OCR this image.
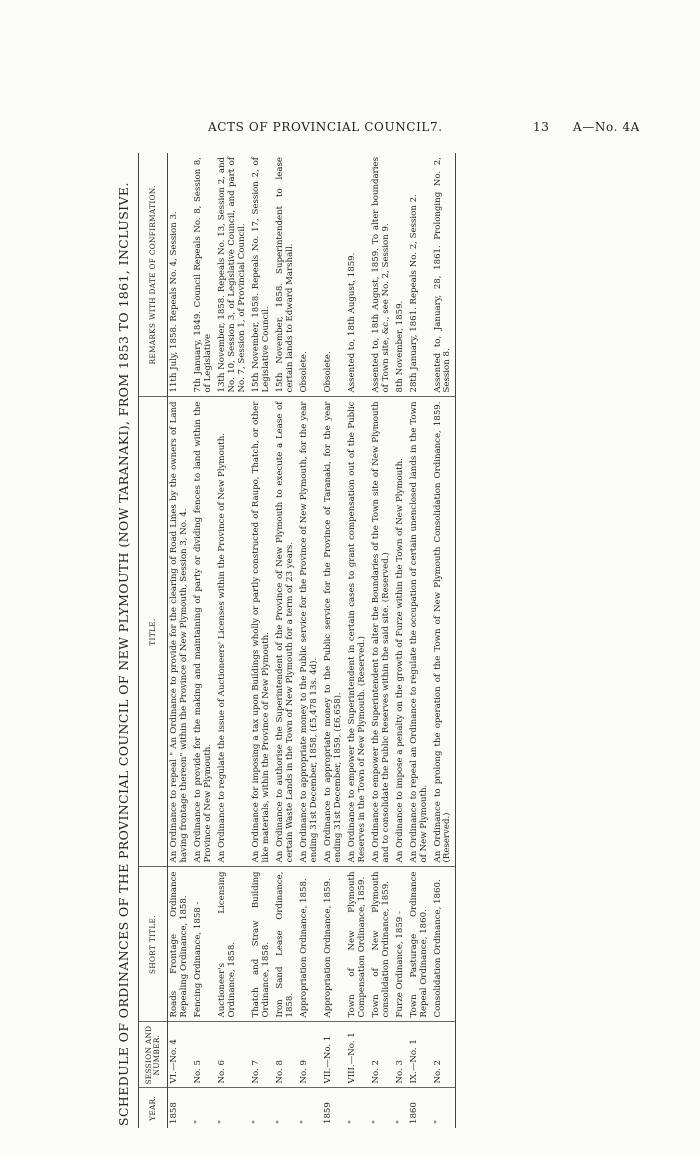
ACTS OF PROVINCIAL COUNCIL7.	13 A—No. 4A
SCHEDULE OF ORDINANCES OF THE PROVINCIAL COUNCIL OF NEW PLYMOUTH (NOW TARANAKI), FROM 1853 TO 1861, INCLUSIVE. YEAR.	SESSION AND NUMBER.	SHORT TITLE.	TITLE.	REMARKS WITH DATE OF CONFIRMATION.
1858	VI.—No. 4	Roads Frontage Ordinance Repealing Ordinance, 1858.	An Ordinance to repeal " An Ordinance to provide for the clearing of Road Lines by the owners of Land having frontage thereon" within the Province of New Plymouth, Session 3, No. 4.	11th July, 1858. Repeals No. 4, Session 3.
"	No. 5	Fencing Ordinance, 1858 -	An Ordinance to provide for the making and maintaining of party or dividing fences to land within the Province of New Plymouth.	7th January, 1849. Council Repeals No. 8, Session 8, of Legislative
"	No. 6	Auctioneer's Licensing Ordinance, 1858.	An Ordinance to regulate the issue of Auctioneers' Licenses within the Province of New Plymouth.	13th November, 1858. Repeals No. 13, Session 2, and No. 10, Session 3, of Legislative Council, and part of No. 7, Session 1, of Provincial Council.
"	No. 7	Thatch and Straw Building Ordinance, 1858.	An Ordinance for imposing a tax upon Buildings wholly or partly constructed of Raupo, Thatch, or other like materials, within the Province of New Plymouth.	15th November, 1858. Repeals No. 17, Session 2, of Legislative Council.
"	No. 8	Iron Sand Lease Ordinance, 1858.	An Ordinance to authorise the Superintendent of the Province of New Plymouth to execute a Lease of certain Waste Lands in the Town of New Plymouth for a term of 23 years.	15th November, 1858. Superintendent to lease certain lands to Edward Marshall.
"	No. 9	Appropriation Ordinance, 1858.	An Ordinance to appropriate money to the Public service for the Province of New Plymouth, for the year ending 31st December, 1858, (£5,478 13s. 4d).	Obsolete.
1859	VII.—No. 1	Appropriation Ordinance, 1859.	An Ordinance to appropriate money to the Public service for the Province of Taranaki, for the year ending 31st December, 1859, (£6,658).	Obsolete.
"	VIII.—No. 1	Town of New Plymouth Compensation Ordinance, 1859.	An Ordinance to empower the Superintendent in certain cases to grant compensation out of the Public Reserves in the Town of New Plymouth. (Reserved.)	Assented to, 18th August, 1859.
"	No. 2	Town of New Plymouth consolidation Ordinance, 1859.	An Ordinance to empower the Superintendent to alter the Boundaries of the Town site of New Plymouth and to consolidate the Public Reserves within the said site. (Reserved.)	Assented to, 18th August, 1859. To alter boundaries of Town site, &c., see No. 2, Session 9.
"	No. 3	Furze Ordinance, 1859 -	An Ordinance to impose a penalty on the growth of Furze within the Town of New Plymouth.	8th November, 1859.
1860	IX.—No. 1	Town Pasturage Ordinance Repeal Ordinance, 1860.	An Ordinance to repeal an Ordinance to regulate the occupation of certain unenclosed lands in the Town of New Plymouth.	28th January, 1861. Repeals No. 2, Session 2.
"	No. 2	Consolidation Ordinance, 1860.	An Ordinance to prolong the operation of the Town of New Plymouth Consolidation Ordinance, 1859. (Reserved.)	Assented to, January, 28, 1861. Prolonging No. 2, Session 8.
